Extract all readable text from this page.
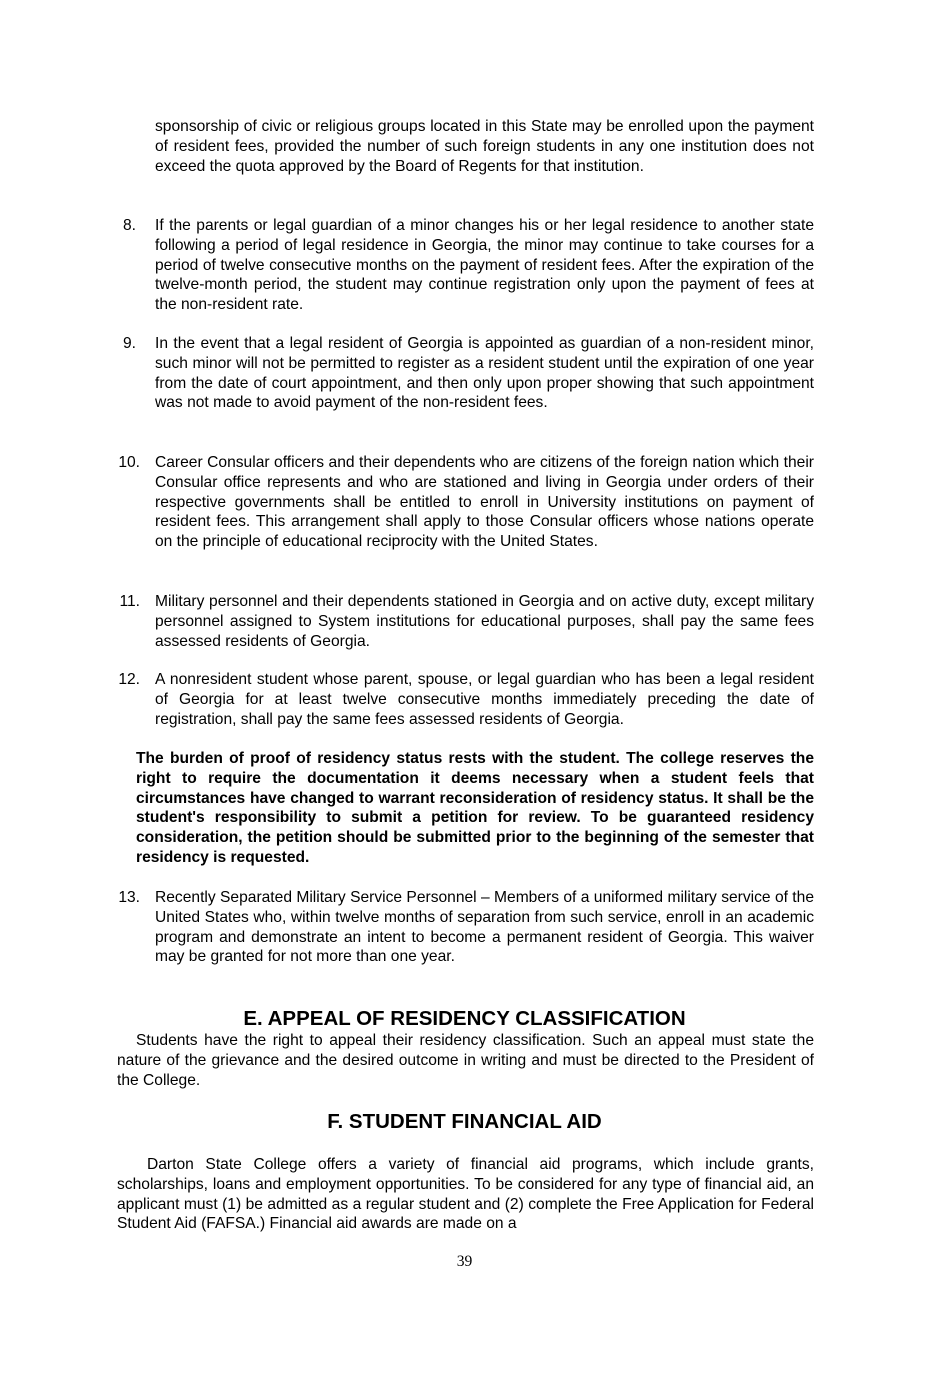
sponsorship of civic or religious groups located in this State may be enrolled upon the payment of resident fees, provided the number of such foreign students in any one institution does not exceed the quota approved by the Board of Regents for that institution.

8. If the parents or legal guardian of a minor changes his or her legal residence to another state following a period of legal residence in Georgia, the minor may continue to take courses for a period of twelve consecutive months on the payment of resident fees. After the expiration of the twelve-month period, the student may continue registration only upon the payment of fees at the non-resident rate.

9. In the event that a legal resident of Georgia is appointed as guardian of a non-resident minor, such minor will not be permitted to register as a resident student until the expiration of one year from the date of court appointment, and then only upon proper showing that such appointment was not made to avoid payment of the non-resident fees.

10. Career Consular officers and their dependents who are citizens of the foreign nation which their Consular office represents and who are stationed and living in Georgia under orders of their respective governments shall be entitled to enroll in University institutions on payment of resident fees. This arrangement shall apply to those Consular officers whose nations operate on the principle of educational reciprocity with the United States.

11. Military personnel and their dependents stationed in Georgia and on active duty, except military personnel assigned to System institutions for educational purposes, shall pay the same fees assessed residents of Georgia.

12. A nonresident student whose parent, spouse, or legal guardian who has been a legal resident of Georgia for at least twelve consecutive months immediately preceding the date of registration, shall pay the same fees assessed residents of Georgia.

The burden of proof of residency status rests with the student. The college reserves the right to require the documentation it deems necessary when a student feels that circumstances have changed to warrant reconsideration of residency status. It shall be the student's responsibility to submit a petition for review. To be guaranteed residency consideration, the petition should be submitted prior to the beginning of the semester that residency is requested.

13. Recently Separated Military Service Personnel – Members of a uniformed military service of the United States who, within twelve months of separation from such service, enroll in an academic program and demonstrate an intent to become a permanent resident of Georgia. This waiver may be granted for not more than one year.

E. APPEAL OF RESIDENCY CLASSIFICATION

Students have the right to appeal their residency classification. Such an appeal must state the nature of the grievance and the desired outcome in writing and must be directed to the President of the College.

F. STUDENT FINANCIAL AID

Darton State College offers a variety of financial aid programs, which include grants, scholarships, loans and employment opportunities. To be considered for any type of financial aid, an applicant must (1) be admitted as a regular student and (2) complete the Free Application for Federal Student Aid (FAFSA.) Financial aid awards are made on a

39
